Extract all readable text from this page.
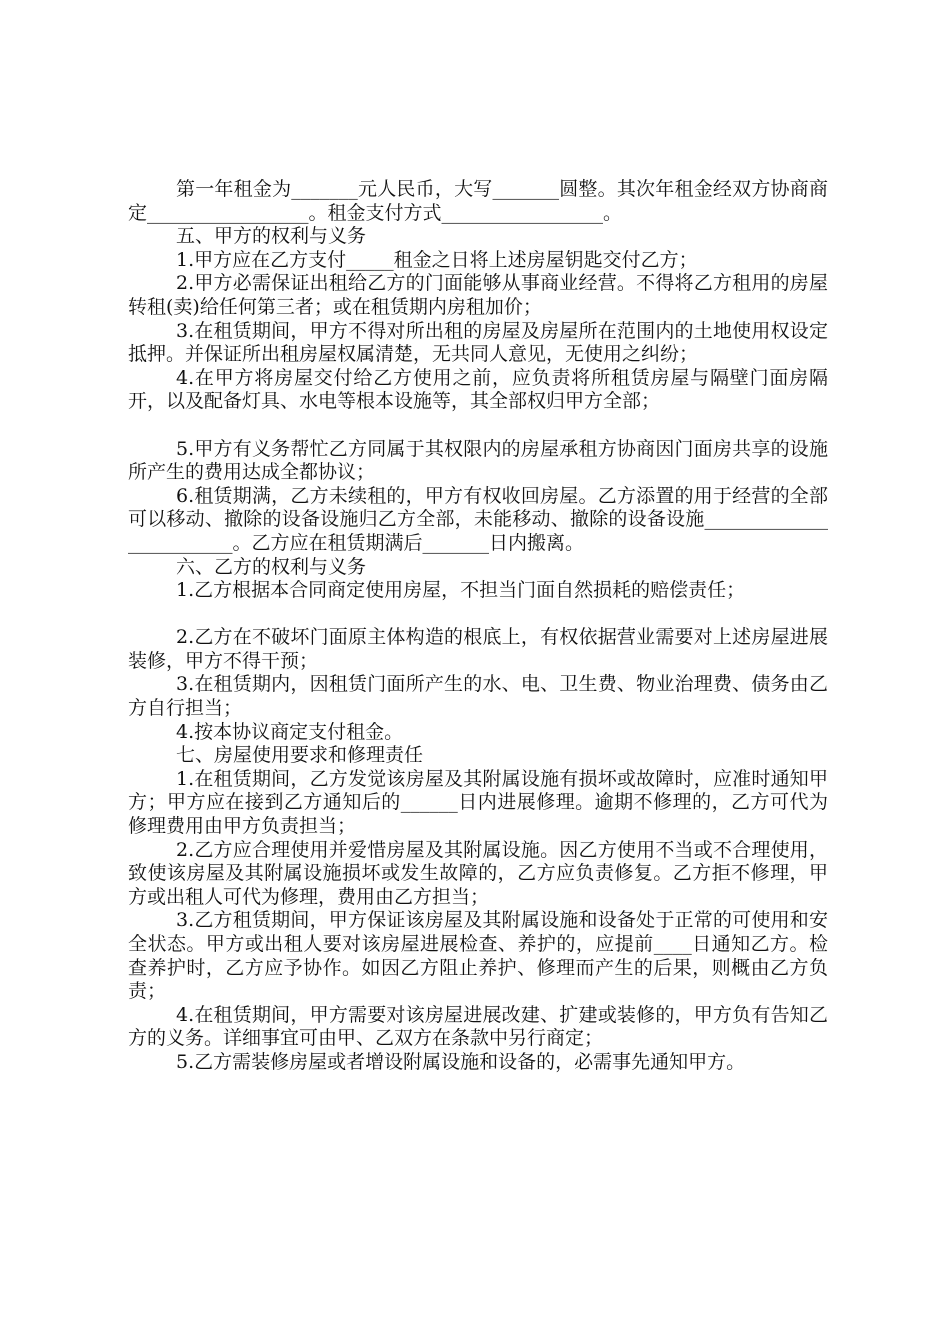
第一年租金为_______元人民币，大写_______圆整。其次年租金经双方协商商定_________________。租金支付方式_________________。

五、甲方的权利与义务

1.甲方应在乙方支付_____租金之日将上述房屋钥匙交付乙方；

2.甲方必需保证出租给乙方的门面能够从事商业经营。不得将乙方租用的房屋转租(卖)给任何第三者；或在租赁期内房租加价；

3.在租赁期间，甲方不得对所出租的房屋及房屋所在范围内的土地使用权设定抵押。并保证所出租房屋权属清楚，无共同人意见，无使用之纠纷；

4.在甲方将房屋交付给乙方使用之前，应负责将所租赁房屋与隔壁门面房隔开，以及配备灯具、水电等根本设施等，其全部权归甲方全部；

5.甲方有义务帮忙乙方同属于其权限内的房屋承租方协商因门面房共享的设施所产生的费用达成全都协议；

6.租赁期满，乙方未续租的，甲方有权收回房屋。乙方添置的用于经营的全部可以移动、撤除的设备设施归乙方全部，未能移动、撤除的设备设施________________________。乙方应在租赁期满后_______日内搬离。

六、乙方的权利与义务

1.乙方根据本合同商定使用房屋，不担当门面自然损耗的赔偿责任；

2.乙方在不破坏门面原主体构造的根底上，有权依据营业需要对上述房屋进展装修，甲方不得干预；

3.在租赁期内，因租赁门面所产生的水、电、卫生费、物业治理费、债务由乙方自行担当；

4.按本协议商定支付租金。

七、房屋使用要求和修理责任

1.在租赁期间，乙方发觉该房屋及其附属设施有损坏或故障时，应准时通知甲方；甲方应在接到乙方通知后的______日内进展修理。逾期不修理的，乙方可代为修理费用由甲方负责担当；

2.乙方应合理使用并爱惜房屋及其附属设施。因乙方使用不当或不合理使用，致使该房屋及其附属设施损坏或发生故障的，乙方应负责修复。乙方拒不修理，甲方或出租人可代为修理，费用由乙方担当；

3.乙方租赁期间，甲方保证该房屋及其附属设施和设备处于正常的可使用和安全状态。甲方或出租人要对该房屋进展检查、养护的，应提前____日通知乙方。检查养护时，乙方应予协作。如因乙方阻止养护、修理而产生的后果，则概由乙方负责；

4.在租赁期间，甲方需要对该房屋进展改建、扩建或装修的，甲方负有告知乙方的义务。详细事宜可由甲、乙双方在条款中另行商定；

5.乙方需装修房屋或者增设附属设施和设备的，必需事先通知甲方。
